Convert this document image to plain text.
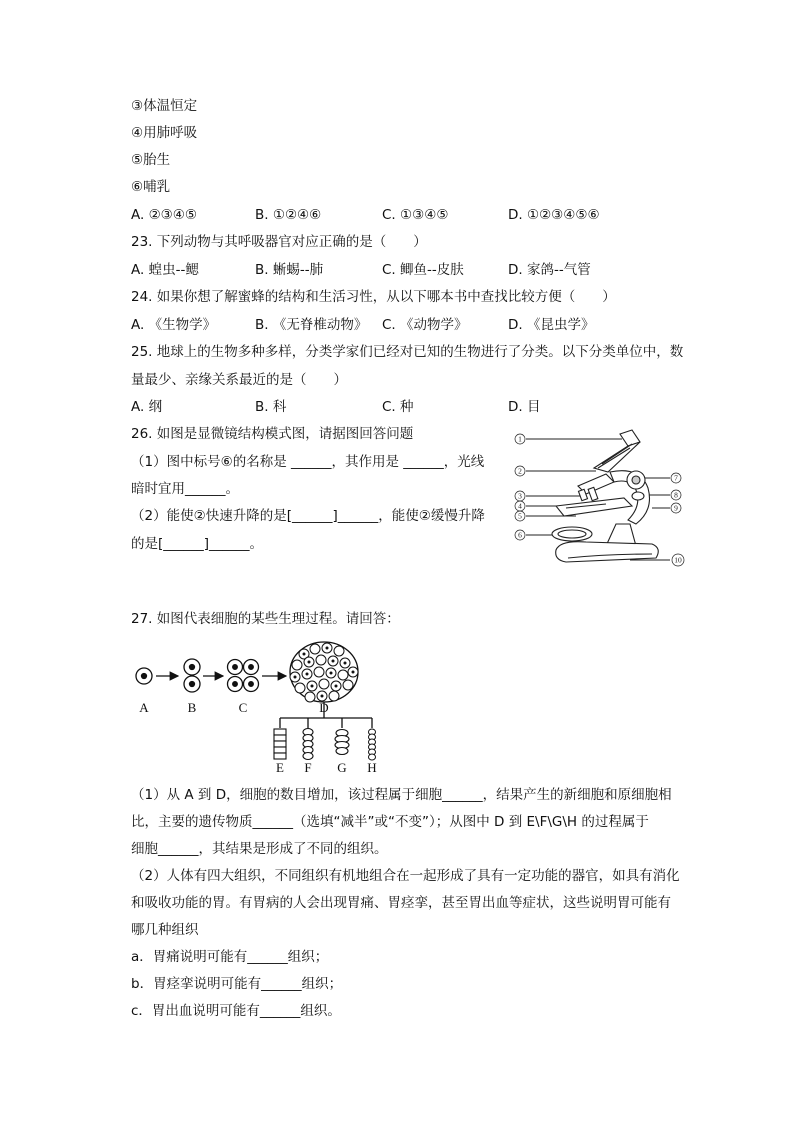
③体温恒定
④用肺呼吸
⑤胎生
⑥哺乳
A. ②③④⑤	B. ①②④⑥	C. ①③④⑤	D. ①②③④⑤⑥
23. 下列动物与其呼吸器官对应正确的是（　　）
A. 蝗虫--鳃	B. 蜥蜴--肺	C. 鲫鱼--皮肤	D. 家鸽--气管
24. 如果你想了解蜜蜂的结构和生活习性，从以下哪本书中查找比较方便（　　）
A. 《生物学》	B. 《无脊椎动物》 C. 《动物学》	D. 《昆虫学》
25. 地球上的生物多种多样，分类学家们已经对已知的生物进行了分类。以下分类单位中，数
量最少、亲缘关系最近的是（　　）
A. 纲	B. 科	C. 种	D. 目
26. 如图是显微镜结构模式图，请据图回答问题
（1）图中标号⑥的名称是 ______，其作用是 ______，光线
暗时宜用______。
（2）能使②快速升降的是[______]______，能使②缓慢升降
的是[______]______。
1
2
3
4
5
6
7
8
9
10
27. 如图代表细胞的某些生理过程。请回答：
A	B	C	D
E F G H
（1）从 A 到 D，细胞的数目增加，该过程属于细胞______，结果产生的新细胞和原细胞相
比，主要的遗传物质______（选填“减半”或“不变”）；从图中 D 到 E\F\G\H 的过程属于
细胞______，其结果是形成了不同的组织。
（2）人体有四大组织，不同组织有机地组合在一起形成了具有一定功能的器官，如具有消化
和吸收功能的胃。有胃病的人会出现胃痛、胃痉挛，甚至胃出血等症状，这些说明胃可能有
哪几种组织
a．胃痛说明可能有______组织；
b．胃痉挛说明可能有______组织；
c．胃出血说明可能有______组织。
